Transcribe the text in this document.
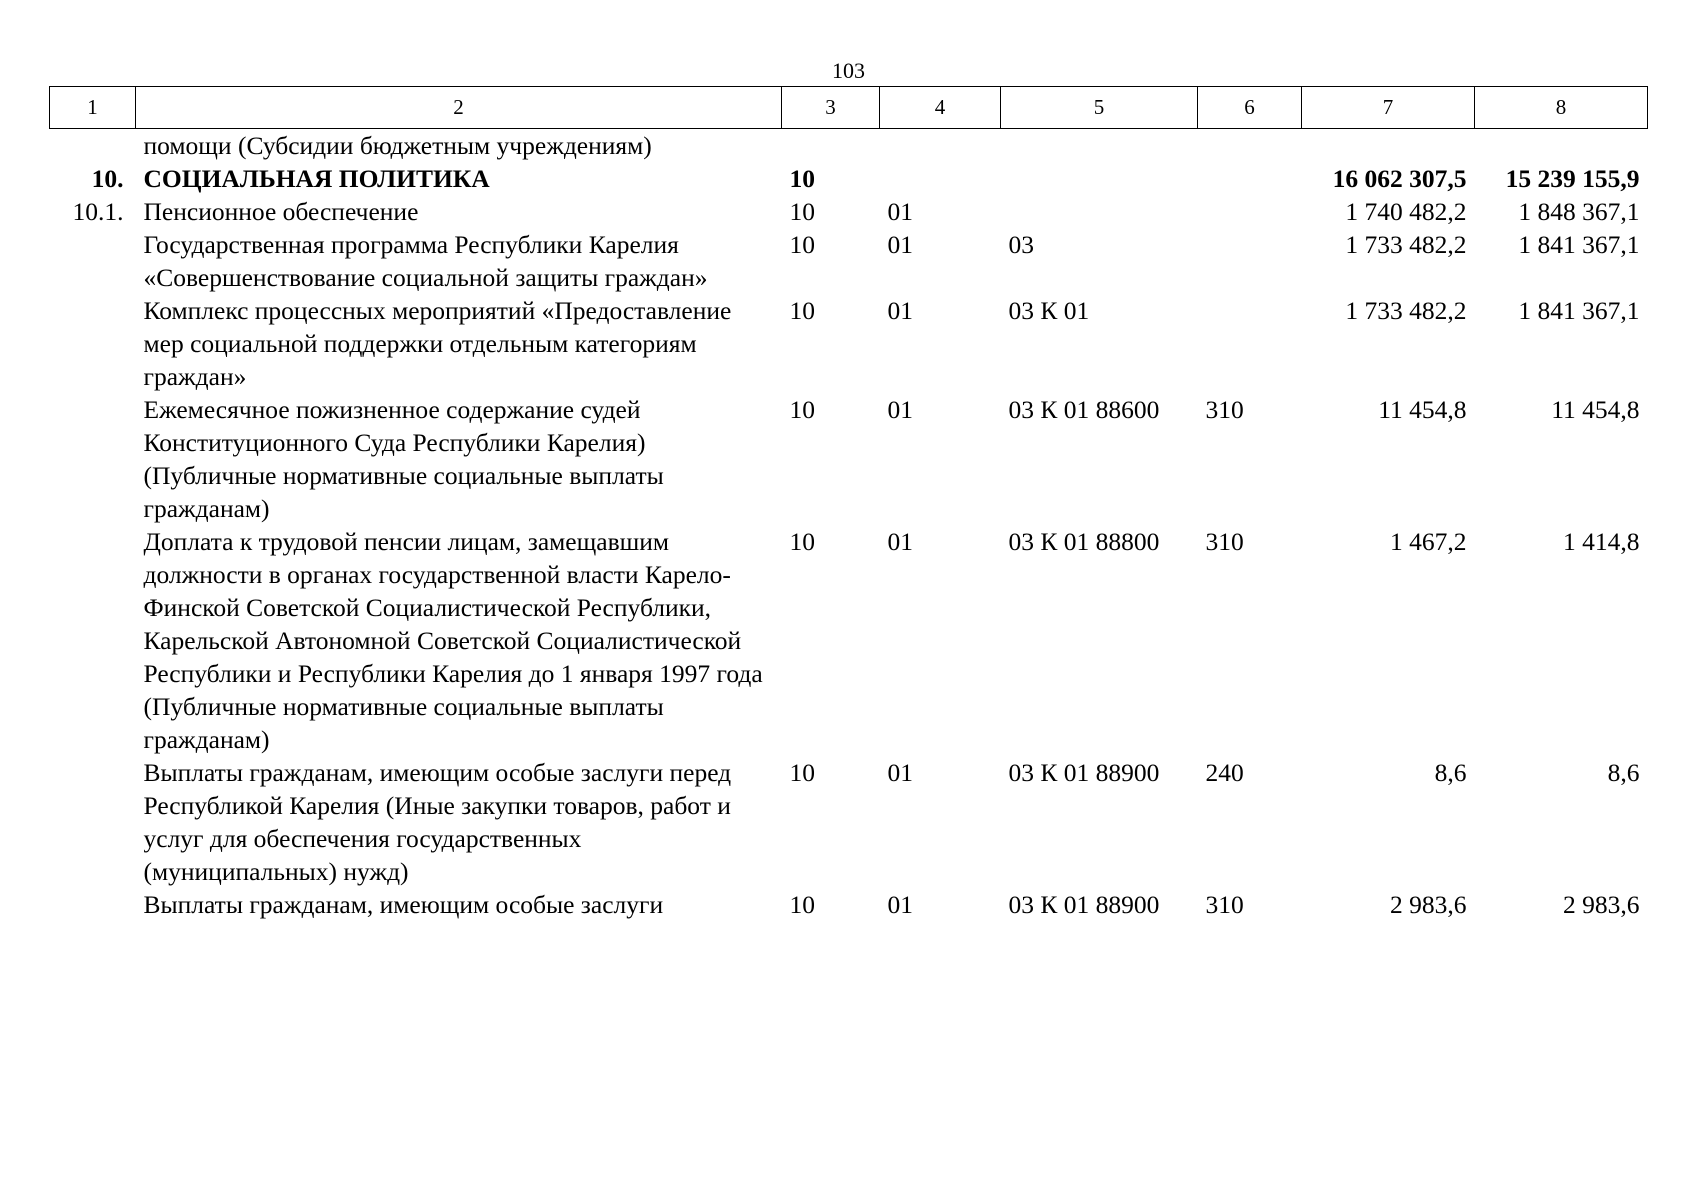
103
1	2	3	4	5	6	7	8
	помощи (Субсидии бюджетным учреждениям)						
10.	СОЦИАЛЬНАЯ ПОЛИТИКА	10				16 062 307,5	15 239 155,9
10.1.	Пенсионное обеспечение	10	01			1 740 482,2	1 848 367,1
	Государственная программа Республики Карелия «Совершенствование социальной защиты граждан»	10	01	03		1 733 482,2	1 841 367,1
	Комплекс процессных мероприятий «Предоставление мер социальной поддержки отдельным категориям граждан»	10	01	03 К 01		1 733 482,2	1 841 367,1
	Ежемесячное пожизненное содержание судей Конституционного Суда Республики Карелия) (Публичные нормативные социальные выплаты гражданам)	10	01	03 К 01 88600	310	11 454,8	11 454,8
	Доплата к трудовой пенсии лицам, замещавшим должности в органах государственной власти Карело-Финской Советской Социалистической Республики, Карельской Автономной Советской Социалистической Республики и Республики Карелия до 1 января 1997 года (Публичные нормативные социальные выплаты гражданам)	10	01	03 К 01 88800	310	1 467,2	1 414,8
	Выплаты гражданам, имеющим особые заслуги перед Республикой Карелия (Иные закупки товаров, работ и услуг для обеспечения государственных (муниципальных) нужд)	10	01	03 К 01 88900	240	8,6	8,6
	Выплаты гражданам, имеющим особые заслуги	10	01	03 К 01 88900	310	2 983,6	2 983,6
